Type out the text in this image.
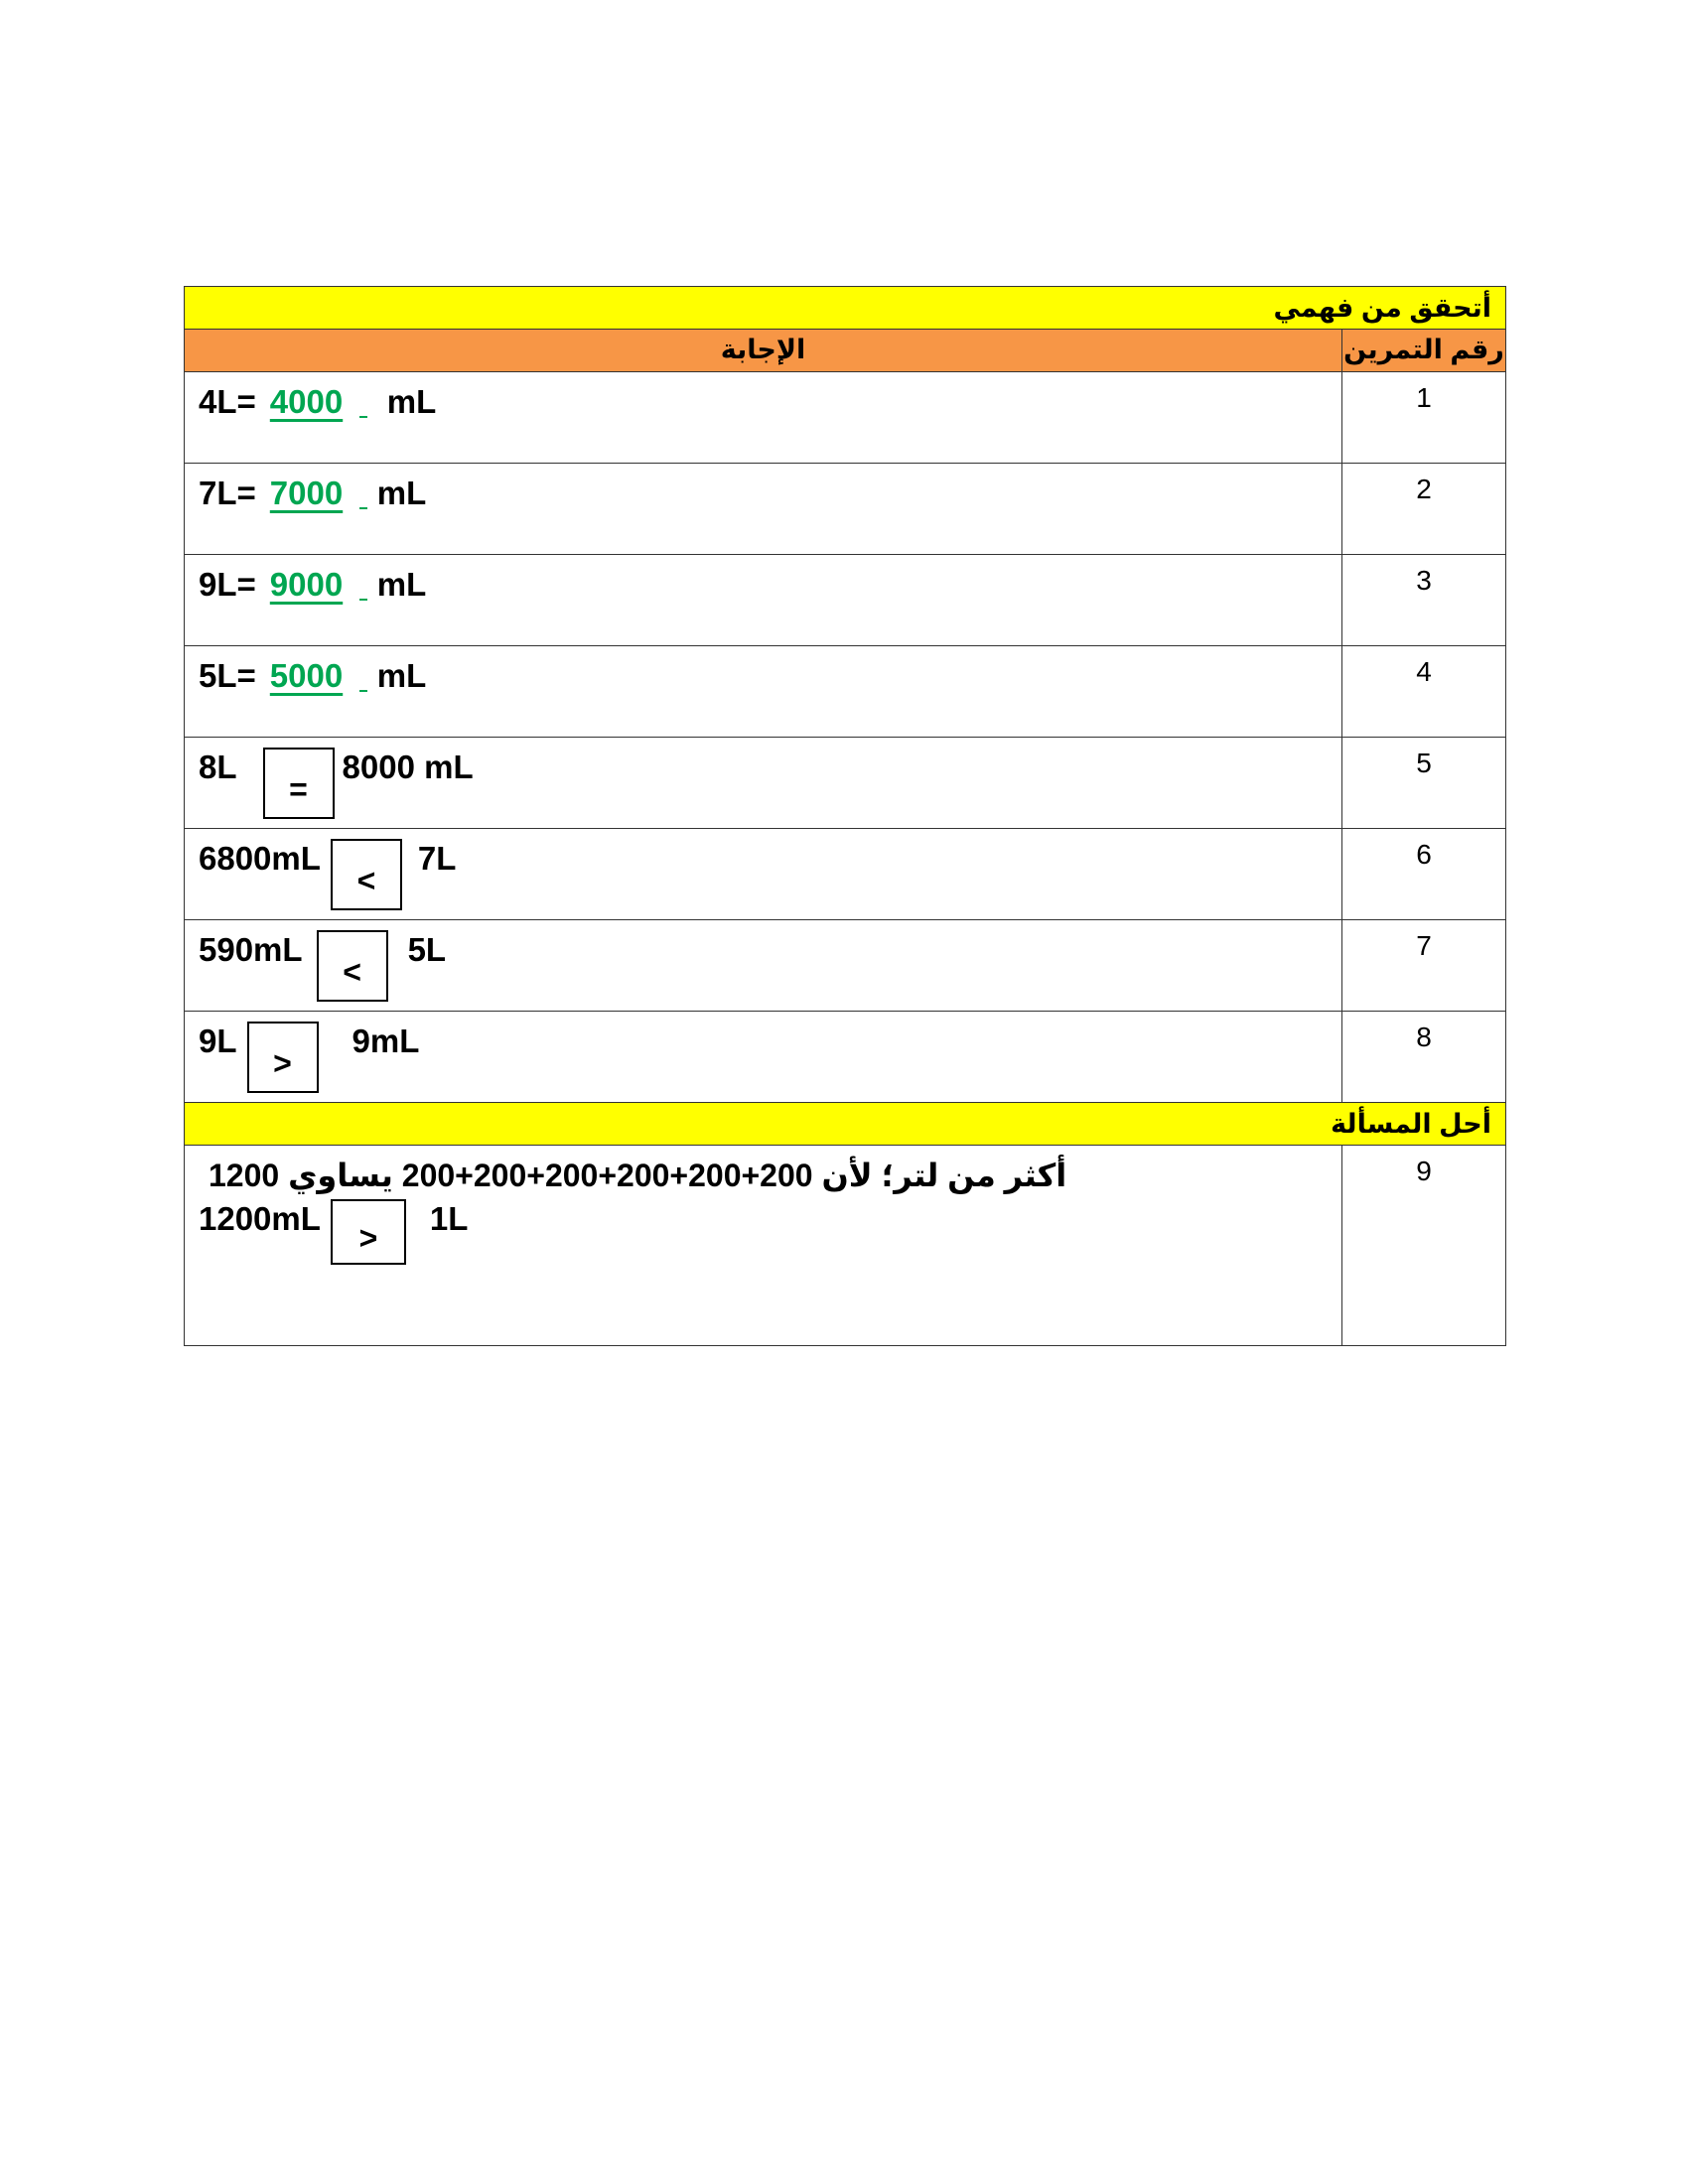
أتحقق من فهمي	

الإجابة	رقم التمرين

4L= 4000 mL	1

7L= 7000 mL	2

9L= 9000 mL	3

5L= 5000 mL	4

8L=8000 mL	5

6800mL<7L	6

590mL<5L	7

9L>9mL	8

أحل المسألة	

أكثر من لتر؛ لأن 200+200+200+200+200+200 يساوي 1200
1200mL>1L	9
